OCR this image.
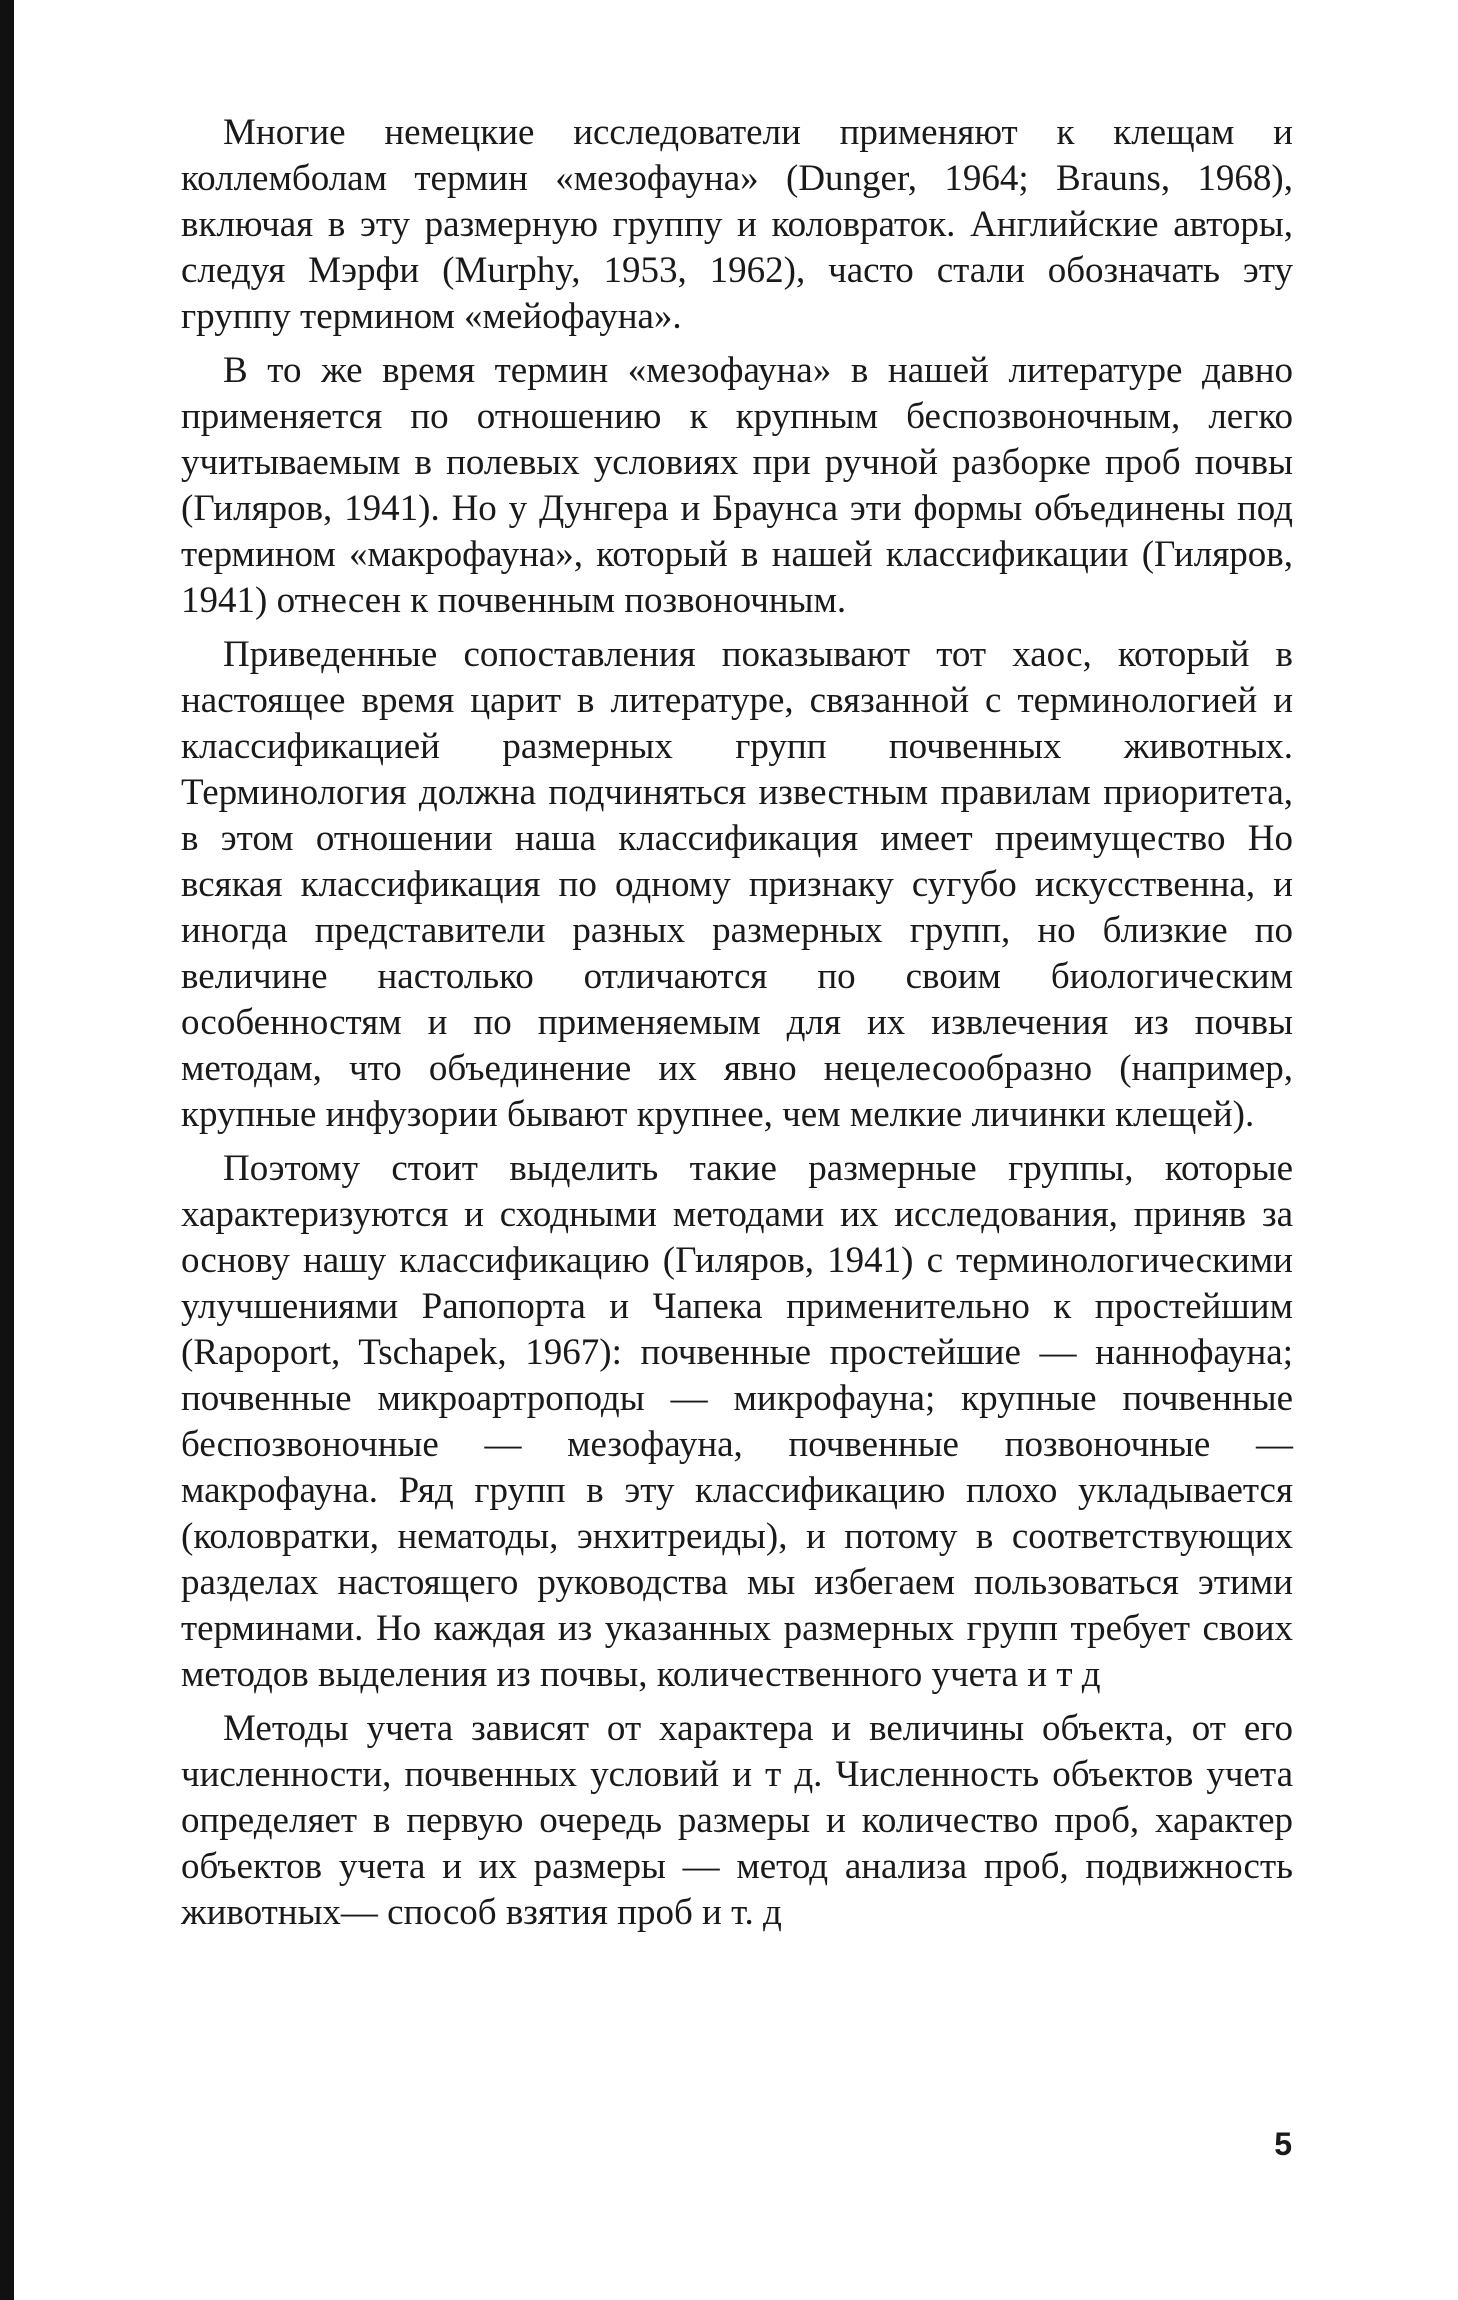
Многие немецкие исследователи применяют к клещам и коллемболам термин «мезофауна» (Dunger, 1964; Brauns, 1968), включая в эту размерную группу и коловраток. Английские авторы, следуя Мэрфи (Murphy, 1953, 1962), часто стали обозначать эту группу термином «мейофауна».

В то же время термин «мезофауна» в нашей литературе давно применяется по отношению к крупным беспозвоночным, легко учитываемым в полевых условиях при ручной разборке проб почвы (Гиляров, 1941). Но у Дунгера и Браунса эти формы объединены под термином «макрофауна», который в нашей классификации (Гиляров, 1941) отнесен к почвенным позвоночным.

Приведенные сопоставления показывают тот хаос, который в настоящее время царит в литературе, связанной с терминологией и классификацией размерных групп почвенных животных. Терминология должна подчиняться известным правилам приоритета, в этом отношении наша классификация имеет преимущество Но всякая классификация по одному признаку сугубо искусственна, и иногда представители разных размерных групп, но близкие по величине настолько отличаются по своим биологическим особенностям и по применяемым для их извлечения из почвы методам, что объединение их явно нецелесообразно (например, крупные инфузории бывают крупнее, чем мелкие личинки клещей).

Поэтому стоит выделить такие размерные группы, которые характеризуются и сходными методами их исследования, приняв за основу нашу классификацию (Гиляров, 1941) с терминологическими улучшениями Рапопорта и Чапека применительно к простейшим (Rapoport, Tschapek, 1967): почвенные простейшие — наннофауна; почвенные микроартроподы — микрофауна; крупные почвенные беспозвоночные — мезофауна, почвенные позвоночные — макрофауна. Ряд групп в эту классификацию плохо укладывается (коловратки, нематоды, энхитреиды), и потому в соответствующих разделах настоящего руководства мы избегаем пользоваться этими терминами. Но каждая из указанных размерных групп требует своих методов выделения из почвы, количественного учета и т д

Методы учета зависят от характера и величины объекта, от его численности, почвенных условий и т д. Численность объектов учета определяет в первую очередь размеры и количество проб, характер объектов учета и их размеры — метод анализа проб, подвижность животных— способ взятия проб и т. д

5
